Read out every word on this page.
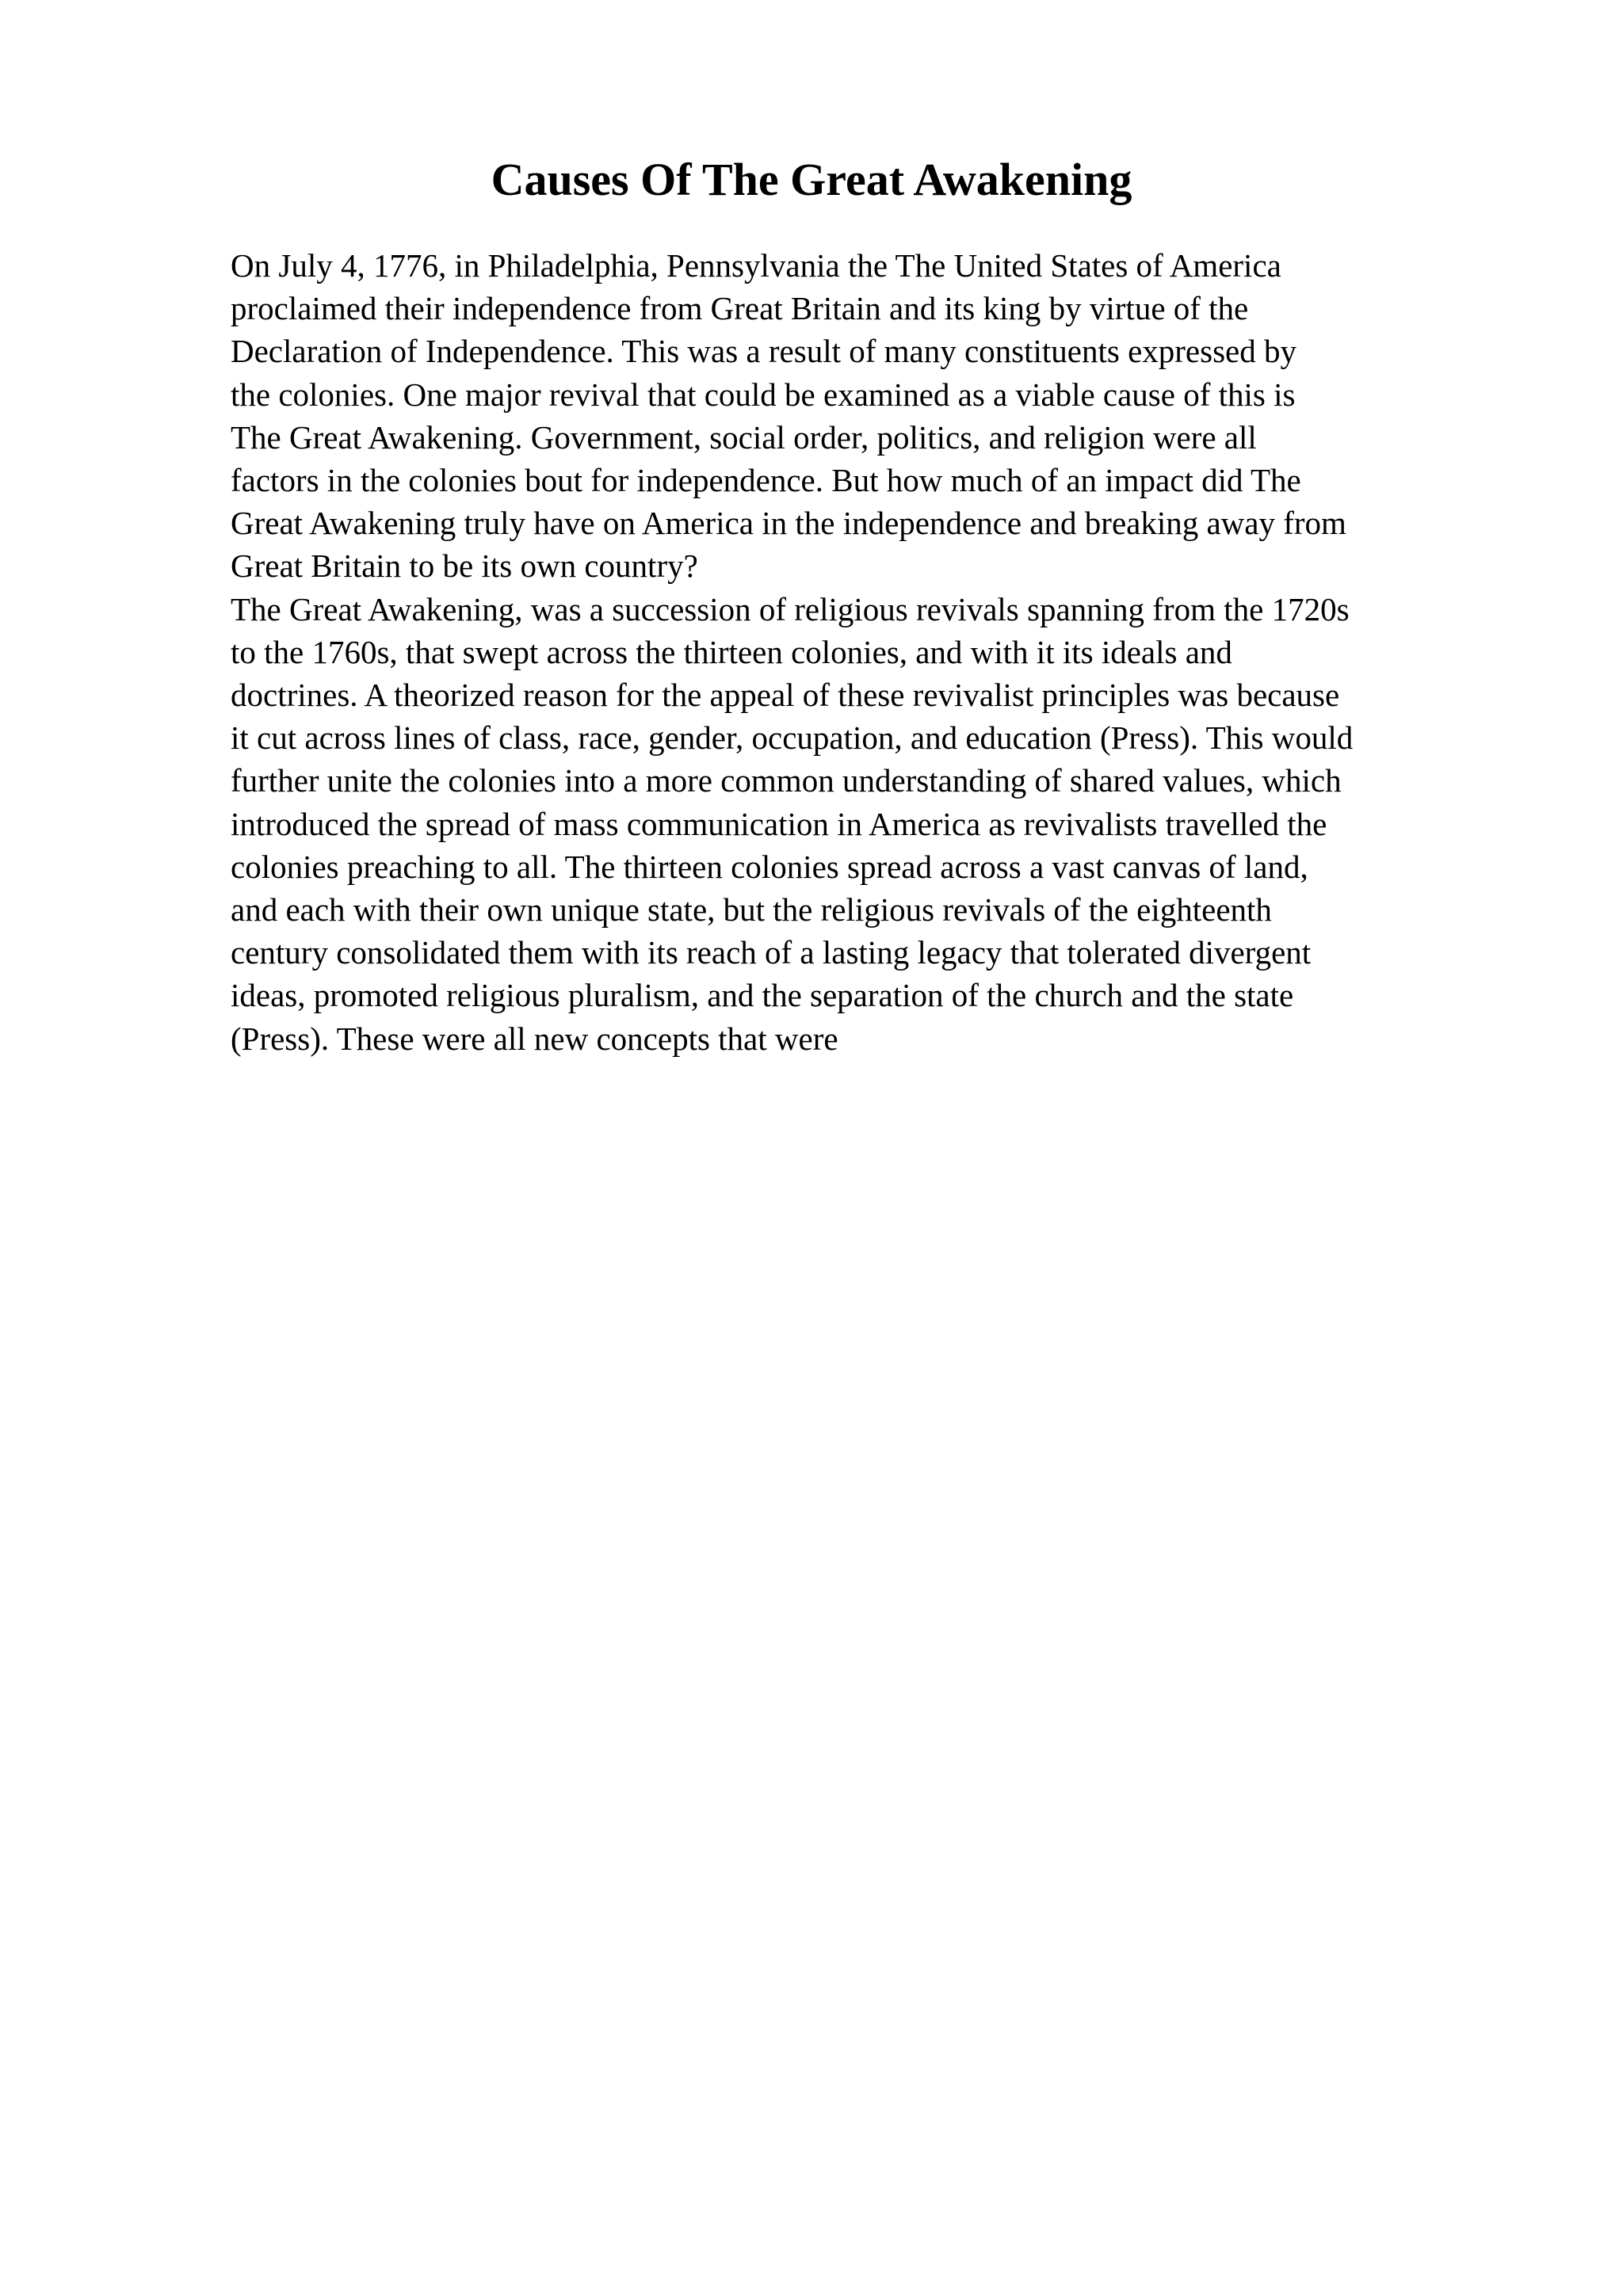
Causes Of The Great Awakening
On July 4, 1776, in Philadelphia, Pennsylvania the The United States of America
proclaimed their independence from Great Britain and its king by virtue of the
Declaration of Independence. This was a result of many constituents expressed by
the colonies. One major revival that could be examined as a viable cause of this is
The Great Awakening. Government, social order, politics, and religion were all
factors in the colonies bout for independence. But how much of an impact did The
Great Awakening truly have on America in the independence and breaking away from
Great Britain to be its own country?
The Great Awakening, was a succession of religious revivals spanning from the 1720s
to the 1760s, that swept across the thirteen colonies, and with it its ideals and
doctrines. A theorized reason for the appeal of these revivalist principles was because
it cut across lines of class, race, gender, occupation, and education (Press). This would
further unite the colonies into a more common understanding of shared values, which
introduced the spread of mass communication in America as revivalists travelled the
colonies preaching to all. The thirteen colonies spread across a vast canvas of land,
and each with their own unique state, but the religious revivals of the eighteenth
century consolidated them with its reach of a lasting legacy that tolerated divergent
ideas, promoted religious pluralism, and the separation of the church and the state
(Press). These were all new concepts that were
